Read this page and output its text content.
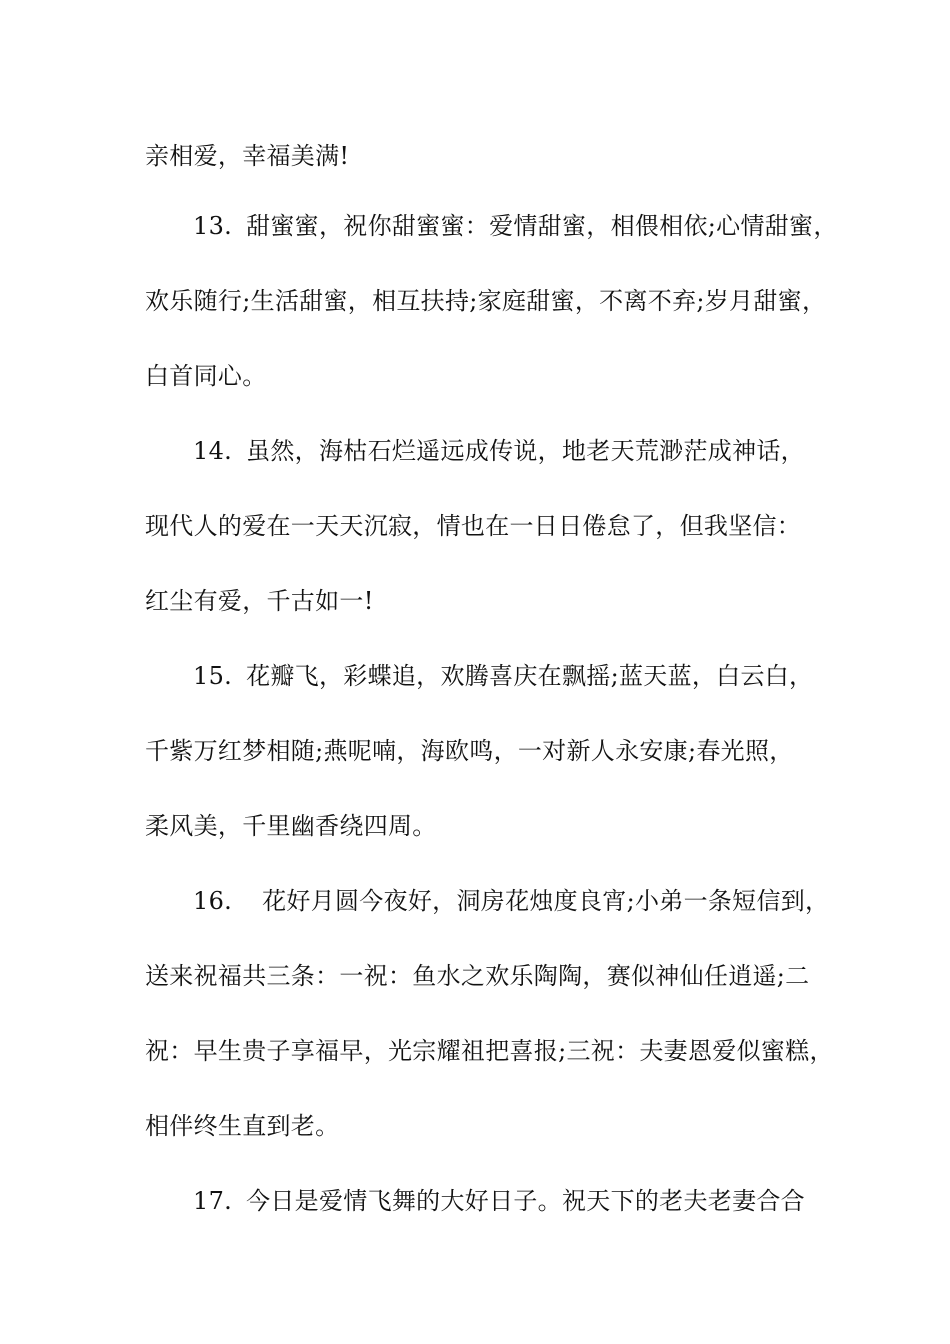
亲相爱，幸福美满!
13. 甜蜜蜜，祝你甜蜜蜜：爱情甜蜜，相偎相依;心情甜蜜，
欢乐随行;生活甜蜜，相互扶持;家庭甜蜜，不离不弃;岁月甜蜜，
白首同心。
14. 虽然，海枯石烂遥远成传说，地老天荒渺茫成神话，
现代人的爱在一天天沉寂，情也在一日日倦怠了，但我坚信：
红尘有爱，千古如一!
15. 花瓣飞，彩蝶追，欢腾喜庆在飘摇;蓝天蓝，白云白，
千紫万红梦相随;燕呢喃，海欧鸣，一对新人永安康;春光照，
柔风美，千里幽香绕四周。
16. 花好月圆今夜好，洞房花烛度良宵;小弟一条短信到，
送来祝福共三条：一祝：鱼水之欢乐陶陶，赛似神仙任逍遥;二
祝：早生贵子享福早，光宗耀祖把喜报;三祝：夫妻恩爱似蜜糕，
相伴终生直到老。
17. 今日是爱情飞舞的大好日子。祝天下的老夫老妻合合
